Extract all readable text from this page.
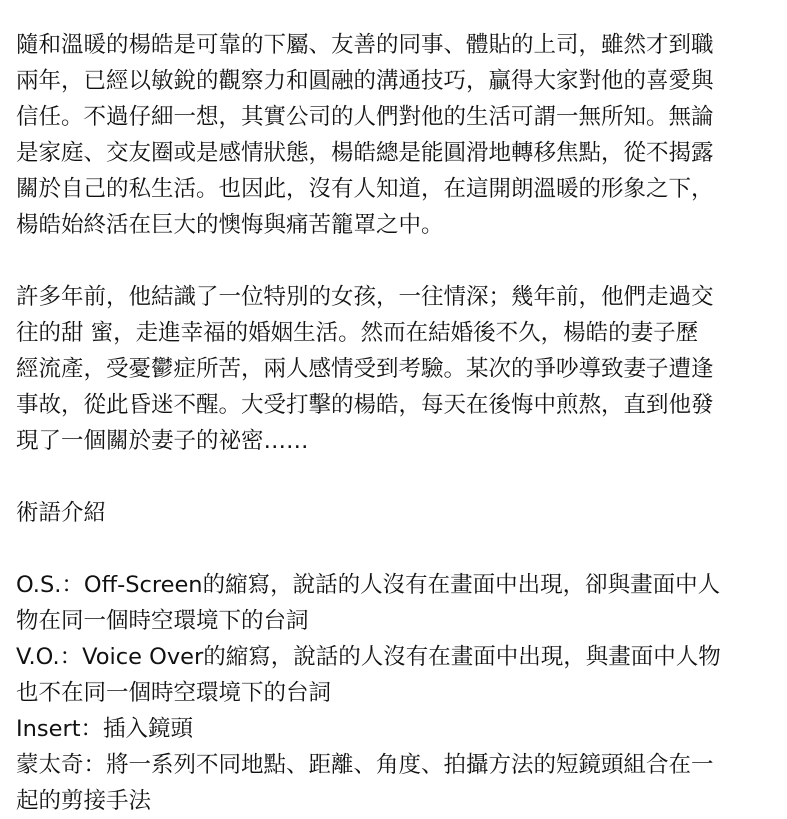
隨和溫暖的楊皓是可靠的下屬、友善的同事、體貼的上司，雖然才到職
兩年，已經以敏銳的觀察力和圓融的溝通技巧，贏得大家對他的喜愛與
信任。不過仔細一想，其實公司的人們對他的生活可謂一無所知。無論
是家庭、交友圈或是感情狀態，楊皓總是能圓滑地轉移焦點，從不揭露
關於自己的私生活。也因此，沒有人知道，在這開朗溫暖的形象之下，
楊皓始終活在巨大的懊悔與痛苦籠罩之中。
許多年前，他結識了一位特別的女孩，一往情深；幾年前，他們走過交
往的甜 蜜，走進幸福的婚姻生活。然而在結婚後不久，楊皓的妻子歷
經流產，受憂鬱症所苦，兩人感情受到考驗。某次的爭吵導致妻子遭逢
事故，從此昏迷不醒。大受打擊的楊皓，每天在後悔中煎熬，直到他發
現了一個關於妻子的祕密……
術語介紹
O.S.：Off-Screen的縮寫，說話的人沒有在畫面中出現，卻與畫面中人
物在同一個時空環境下的台詞
V.O.：Voice Over的縮寫，說話的人沒有在畫面中出現，與畫面中人物
也不在同一個時空環境下的台詞
Insert：插入鏡頭
蒙太奇：將一系列不同地點、距離、角度、拍攝方法的短鏡頭組合在一
起的剪接手法
